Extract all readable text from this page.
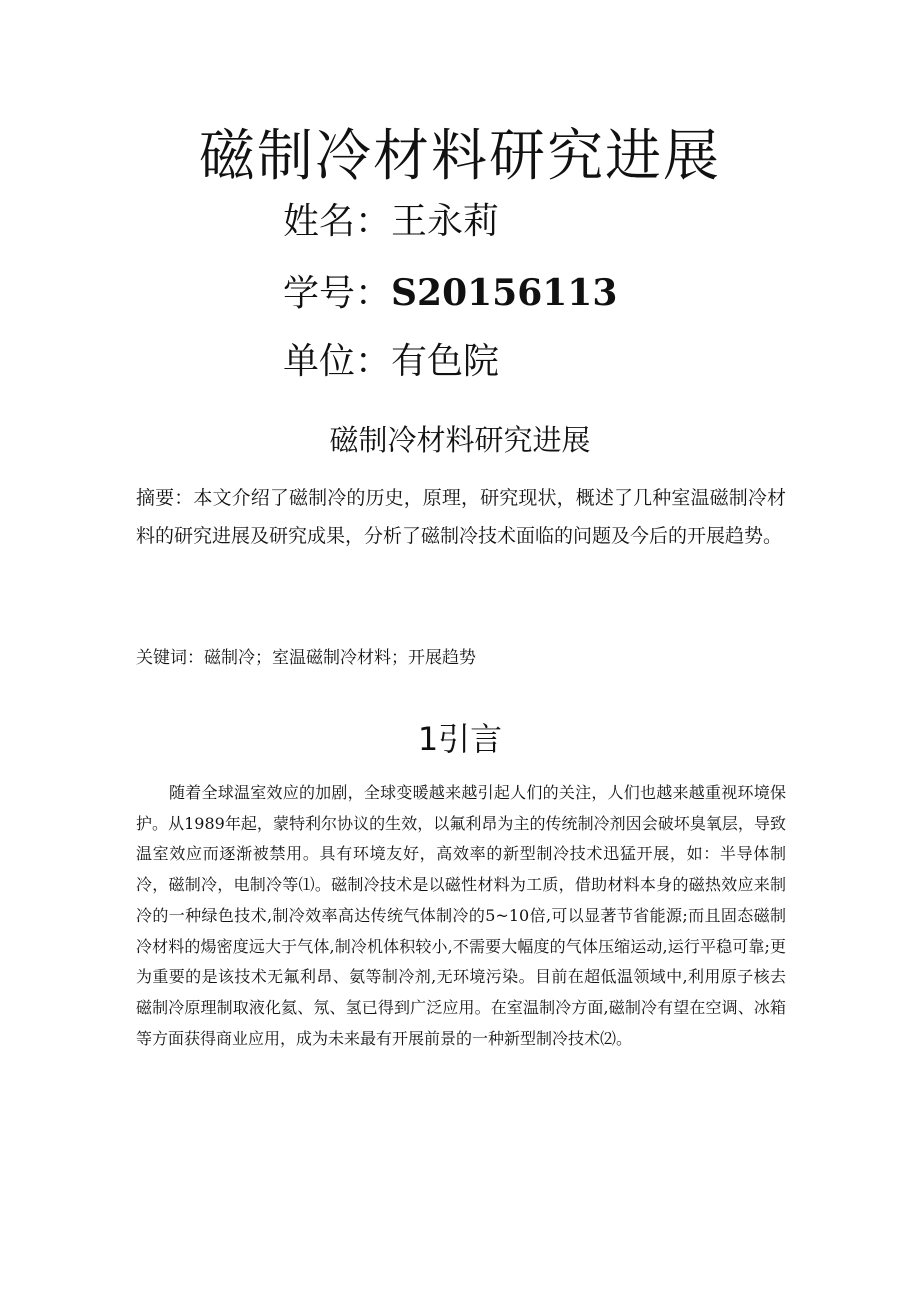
磁制冷材料研究进展
姓名：王永莉
学号：S20156113
单位：有色院
磁制冷材料研究进展

摘要：本文介绍了磁制冷的历史，原理，研究现状，概述了几种室温磁制冷材料的研究进展及研究成果，分析了磁制冷技术面临的问题及今后的开展趋势。

关键词：磁制冷；室温磁制冷材料；开展趋势

1引言

随着全球温室效应的加剧，全球变暖越来越引起人们的关注，人们也越来越重视环境保护。从1989年起，蒙特利尔协议的生效，以氟利昂为主的传统制冷剂因会破坏臭氧层，导致温室效应而逐渐被禁用。具有环境友好，高效率的新型制冷技术迅猛开展，如：半导体制冷，磁制冷，电制冷等⑴。磁制冷技术是以磁性材料为工质，借助材料本身的磁热效应来制冷的一种绿色技术,制冷效率高达传统气体制冷的5~10倍,可以显著节省能源;而且固态磁制冷材料的煬密度远大于气体,制冷机体积较小,不需要大幅度的气体压缩运动,运行平稳可靠;更为重要的是该技术无氟利昂、氨等制冷剂,无环境污染。目前在超低温领域中,利用原子核去磁制冷原理制取液化氦、氖、氢已得到广泛应用。在室温制冷方面,磁制冷有望在空调、冰箱等方面获得商业应用，成为未来最有开展前景的一种新型制冷技术⑵。
